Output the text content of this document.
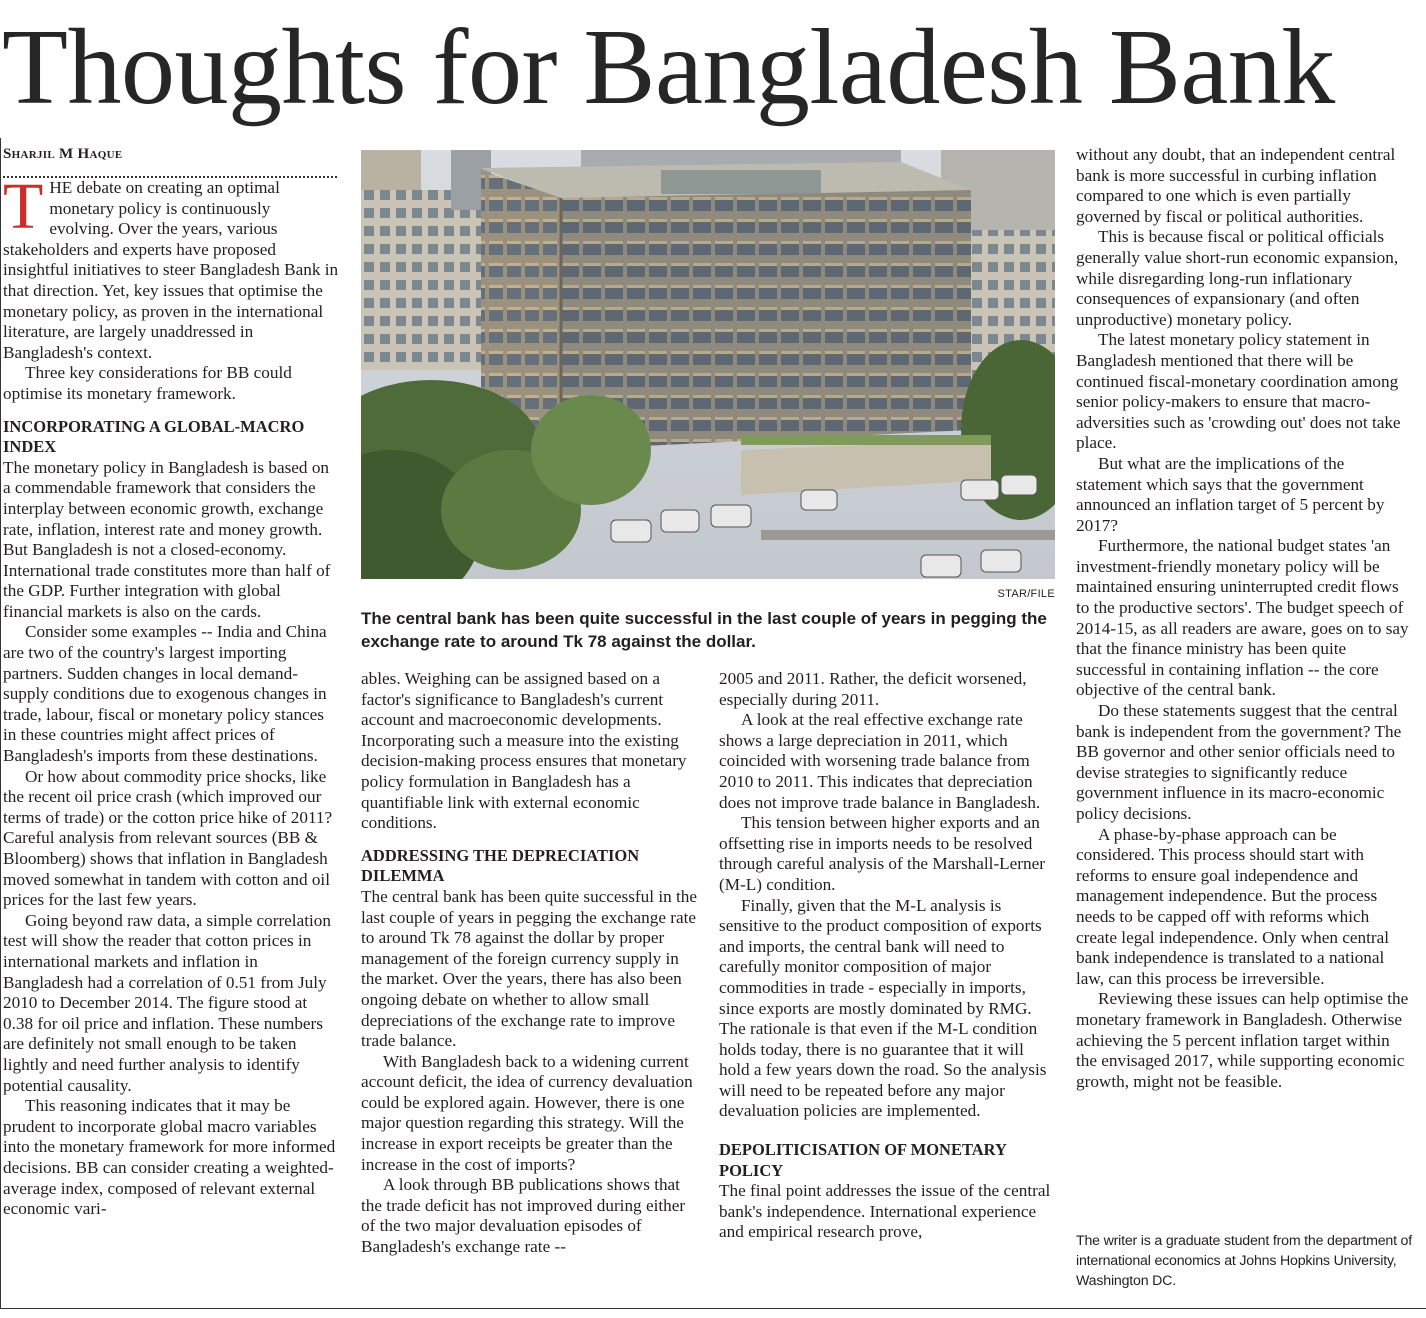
Thoughts for Bangladesh Bank
Sharjil M Haque

THE debate on creating an optimal monetary policy is continuously evolving. Over the years, various stakeholders and experts have proposed insightful initiatives to steer Bangladesh Bank in that direction. Yet, key issues that optimise the monetary policy, as proven in the international literature, are largely unaddressed in Bangladesh's context.

Three key considerations for BB could optimise its monetary framework.

INCORPORATING A GLOBAL-MACRO INDEX

The monetary policy in Bangladesh is based on a commendable framework that considers the interplay between economic growth, exchange rate, inflation, interest rate and money growth. But Bangladesh is not a closed-economy. International trade constitutes more than half of the GDP. Further integration with global financial markets is also on the cards.

Consider some examples -- India and China are two of the country's largest importing partners. Sudden changes in local demand-supply conditions due to exogenous changes in trade, labour, fiscal or monetary policy stances in these countries might affect prices of Bangladesh's imports from these destinations.

Or how about commodity price shocks, like the recent oil price crash (which improved our terms of trade) or the cotton price hike of 2011? Careful analysis from relevant sources (BB & Bloomberg) shows that inflation in Bangladesh moved somewhat in tandem with cotton and oil prices for the last few years.

Going beyond raw data, a simple correlation test will show the reader that cotton prices in international markets and inflation in Bangladesh had a correlation of 0.51 from July 2010 to December 2014. The figure stood at 0.38 for oil price and inflation. These numbers are definitely not small enough to be taken lightly and need further analysis to identify potential causality.

This reasoning indicates that it may be prudent to incorporate global macro variables into the monetary framework for more informed decisions. BB can consider creating a weighted-average index, composed of relevant external economic vari-

STAR/FILE
The central bank has been quite successful in the last couple of years in pegging the exchange rate to around Tk 78 against the dollar.

ables. Weighing can be assigned based on a factor's significance to Bangladesh's current account and macroeconomic developments. Incorporating such a measure into the existing decision-making process ensures that monetary policy formulation in Bangladesh has a quantifiable link with external economic conditions.

ADDRESSING THE DEPRECIATION DILEMMA

The central bank has been quite successful in the last couple of years in pegging the exchange rate to around Tk 78 against the dollar by proper management of the foreign currency supply in the market. Over the years, there has also been ongoing debate on whether to allow small depreciations of the exchange rate to improve trade balance.

With Bangladesh back to a widening current account deficit, the idea of currency devaluation could be explored again. However, there is one major question regarding this strategy. Will the increase in export receipts be greater than the increase in the cost of imports?

A look through BB publications shows that the trade deficit has not improved during either of the two major devaluation episodes of Bangladesh's exchange rate --

2005 and 2011. Rather, the deficit worsened, especially during 2011.

A look at the real effective exchange rate shows a large depreciation in 2011, which coincided with worsening trade balance from 2010 to 2011. This indicates that depreciation does not improve trade balance in Bangladesh.

This tension between higher exports and an offsetting rise in imports needs to be resolved through careful analysis of the Marshall-Lerner (M-L) condition.

Finally, given that the M-L analysis is sensitive to the product composition of exports and imports, the central bank will need to carefully monitor composition of major commodities in trade - especially in imports, since exports are mostly dominated by RMG. The rationale is that even if the M-L condition holds today, there is no guarantee that it will hold a few years down the road. So the analysis will need to be repeated before any major devaluation policies are implemented.

DEPOLITICISATION OF MONETARY POLICY

The final point addresses the issue of the central bank's independence. International experience and empirical research prove,

without any doubt, that an independent central bank is more successful in curbing inflation compared to one which is even partially governed by fiscal or political authorities.

This is because fiscal or political officials generally value short-run economic expansion, while disregarding long-run inflationary consequences of expansionary (and often unproductive) monetary policy.

The latest monetary policy statement in Bangladesh mentioned that there will be continued fiscal-monetary coordination among senior policy-makers to ensure that macro-adversities such as 'crowding out' does not take place.

But what are the implications of the statement which says that the government announced an inflation target of 5 percent by 2017?

Furthermore, the national budget states 'an investment-friendly monetary policy will be maintained ensuring uninterrupted credit flows to the productive sectors'. The budget speech of 2014-15, as all readers are aware, goes on to say that the finance ministry has been quite successful in containing inflation -- the core objective of the central bank.

Do these statements suggest that the central bank is independent from the government? The BB governor and other senior officials need to devise strategies to significantly reduce government influence in its macro-economic policy decisions.

A phase-by-phase approach can be considered. This process should start with reforms to ensure goal independence and management independence. But the process needs to be capped off with reforms which create legal independence. Only when central bank independence is translated to a national law, can this process be irreversible.

Reviewing these issues can help optimise the monetary framework in Bangladesh. Otherwise achieving the 5 percent inflation target within the envisaged 2017, while supporting economic growth, might not be feasible.

The writer is a graduate student from the department of international economics at Johns Hopkins University, Washington DC.
